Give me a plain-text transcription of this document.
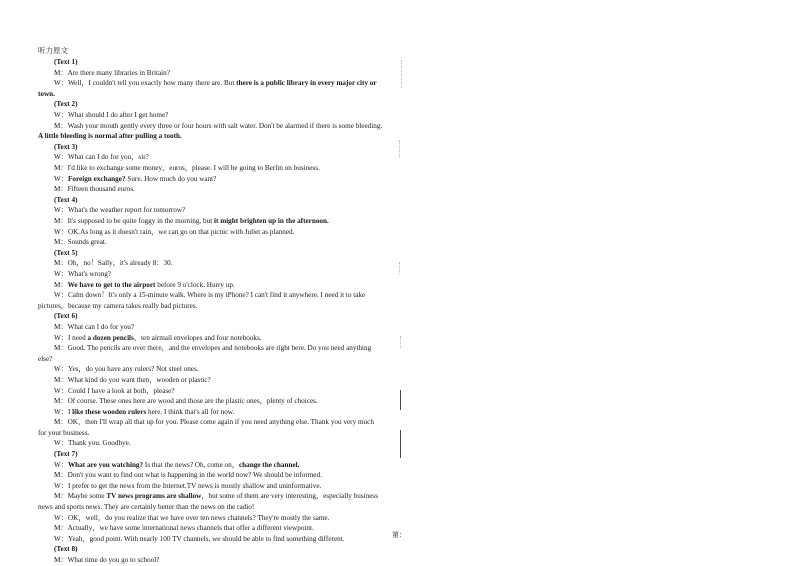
听力原文
(Text 1)
M：Are there many libraries in Britain?
W：Well，I couldn't tell you exactly how many there are. But there is a public library in every major city or town.
(Text 2)
W：What should I do after I get home?
M：Wash your mouth gently every three or four hours with salt water. Don't be alarmed if there is some bleeding. A little bleeding is normal after pulling a tooth.
(Text 3)
W：What can I do for you，sir?
M：I'd like to exchange some money，euros，please. I will be going to Berlin on business.
W：Foreign exchange? Sure. How much do you want?
M：Fifteen thousand euros.
(Text 4)
W：What's the weather report for tomorrow?
M：It's supposed to be quite foggy in the morning, but it might brighten up in the afternoon.
W：OK.As long as it doesn't rain，we can go on that picnic with Juliet as planned.
M：Sounds great.
(Text 5)
M：Oh，no！Sally，it's already 8：30.
W：What's wrong?
M：We have to get to the airport before 9 o'clock. Hurry up.
W：Calm down！It's only a 15-minute walk. Where is my iPhone? I can't find it anywhere. I need it to take pictures，because my camera takes really bad pictures.
(Text 6)
M：What can I do for you?
W：I need a dozen pencils，ten airmail envelopes and four notebooks.
M：Good. The pencils are over there，and the envelopes and notebooks are right here. Do you need anything else?
W：Yes，do you have any rulers? Not steel ones.
M：What kind do you want then，wooden or plastic?
W：Could I have a look at both，please?
M：Of course. These ones here are wood and those are the plastic ones，plenty of choices.
W：I like these wooden rulers here. I think that's all for now.
M：OK，then I'll wrap all that up for you. Please come again if you need anything else. Thank you very much for your business.
W：Thank you. Goodbye.
(Text 7)
W：What are you watching? Is that the news? Oh, come on，change the channel.
M：Don't you want to find out what is happening in the world now? We should be informed.
W：I prefer to get the news from the Internet.TV news is mostly shallow and uninformative.
M：Maybe some TV news programs are shallow，but some of them are very interesting，especially business news and sports news. They are certainly better than the news on the radio!
W：OK，well，do you realize that we have over ten news channels? They're mostly the same.
M：Actually，we have some international news channels that offer a different viewpoint.
W：Yeah，good point. With nearly 100 TV channels, we should be able to find something different.
(Text 8)
M：What time do you go to school?
第：
